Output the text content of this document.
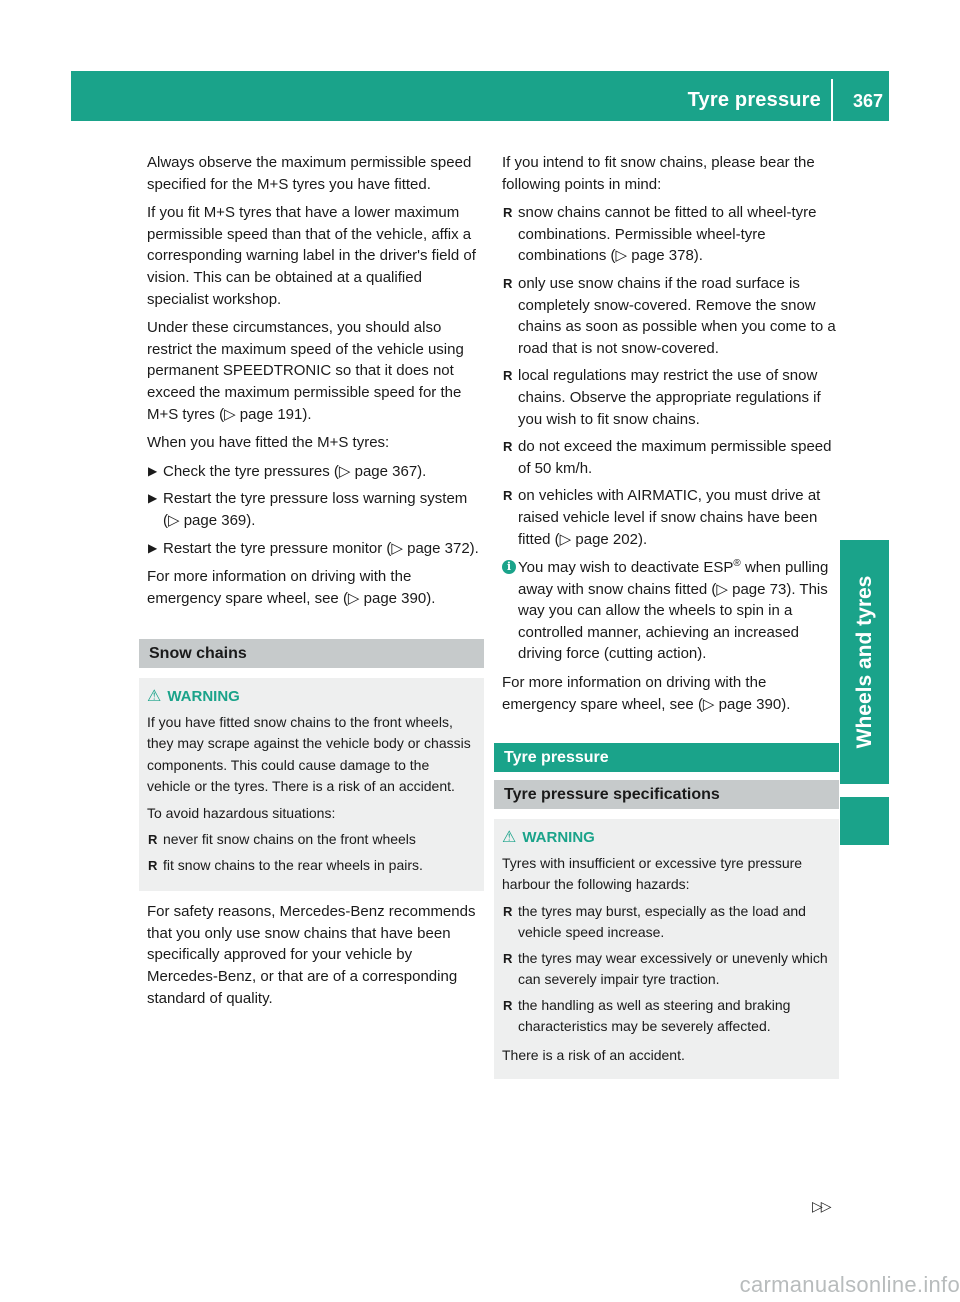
Tyre pressure 367
Wheels and tyres

Always observe the maximum permissible speed specified for the M+S tyres you have fitted.

If you fit M+S tyres that have a lower maximum permissible speed than that of the vehicle, affix a corresponding warning label in the driver's field of vision. This can be obtained at a qualified specialist workshop.

Under these circumstances, you should also restrict the maximum speed of the vehicle using permanent SPEEDTRONIC so that it does not exceed the maximum permissible speed for the M+S tyres (▷ page 191).

When you have fitted the M+S tyres:

▶ Check the tyre pressures (▷ page 367).
▶ Restart the tyre pressure loss warning system (▷ page 369).
▶ Restart the tyre pressure monitor (▷ page 372).

For more information on driving with the emergency spare wheel, see (▷ page 390).

Snow chains
⚠ WARNING

If you have fitted snow chains to the front wheels, they may scrape against the vehicle body or chassis components. This could cause damage to the vehicle or the tyres. There is a risk of an accident.

To avoid hazardous situations:

R never fit snow chains on the front wheels
R fit snow chains to the rear wheels in pairs.

For safety reasons, Mercedes-Benz recommends that you only use snow chains that have been specifically approved for your vehicle by Mercedes-Benz, or that are of a corresponding standard of quality.

If you intend to fit snow chains, please bear the following points in mind:

R snow chains cannot be fitted to all wheel-tyre combinations. Permissible wheel-tyre combinations (▷ page 378).
R only use snow chains if the road surface is completely snow-covered. Remove the snow chains as soon as possible when you come to a road that is not snow-covered.
R local regulations may restrict the use of snow chains. Observe the appropriate regulations if you wish to fit snow chains.
R do not exceed the maximum permissible speed of 50 km/h.
R on vehicles with AIRMATIC, you must drive at raised vehicle level if snow chains have been fitted (▷ page 202).
i You may wish to deactivate ESP® when pulling away with snow chains fitted (▷ page 73). This way you can allow the wheels to spin in a controlled manner, achieving an increased driving force (cutting action).

For more information on driving with the emergency spare wheel, see (▷ page 390).

Tyre pressure
Tyre pressure specifications
⚠ WARNING

Tyres with insufficient or excessive tyre pressure harbour the following hazards:

R the tyres may burst, especially as the load and vehicle speed increase.
R the tyres may wear excessively or unevenly which can severely impair tyre traction.
R the handling as well as steering and braking characteristics may be severely affected.

There is a risk of an accident.

▷▷
carmanualsonline.info
